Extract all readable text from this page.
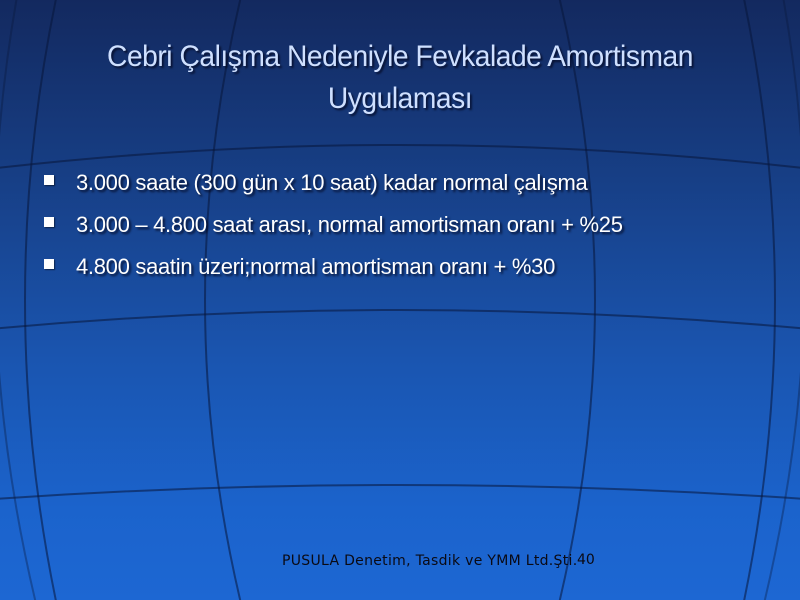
Cebri Çalışma Nedeniyle Fevkalade Amortisman
Uygulaması
3.000 saate (300 gün x 10 saat) kadar normal çalışma
3.000 – 4.800 saat arası, normal amortisman oranı + %25
4.800 saatin üzeri;normal amortisman oranı + %30
PUSULA Denetim, Tasdik ve YMM Ltd.Şti. 40
